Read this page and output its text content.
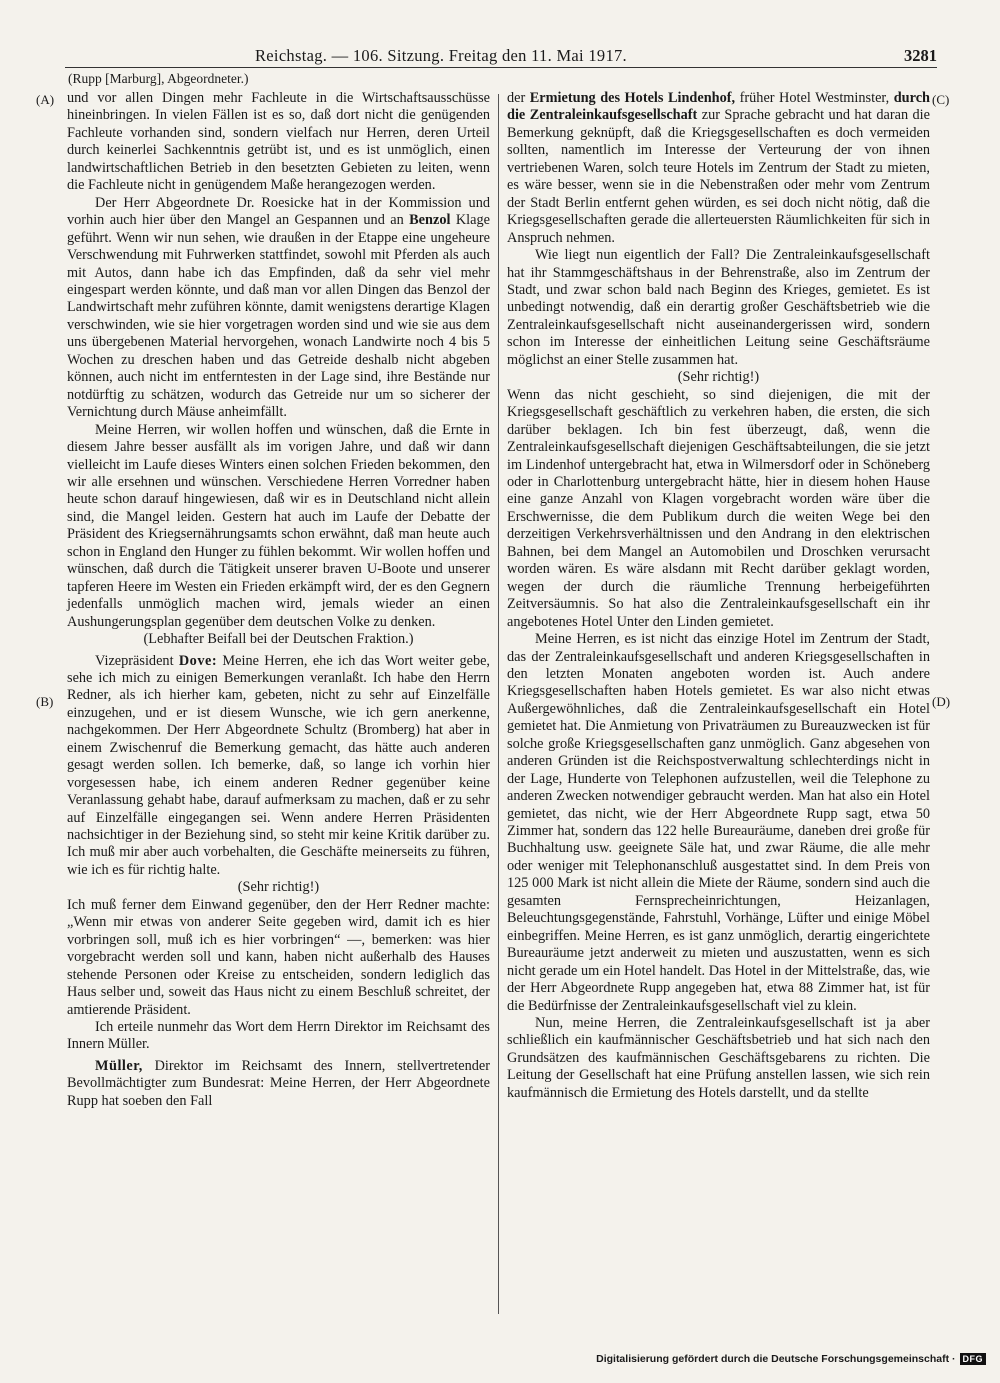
Reichstag. — 106. Sitzung. Freitag den 11. Mai 1917.	3281
(Rupp [Marburg], Abgeordneter.)
(A)
(B)
(C)
(D)

und vor allen Dingen mehr Fachleute in die Wirtschaftsausschüsse hineinbringen. In vielen Fällen ist es so, daß dort nicht die genügenden Fachleute vorhanden sind, sondern vielfach nur Herren, deren Urteil durch keinerlei Sachkenntnis getrübt ist, und es ist unmöglich, einen landwirtschaftlichen Betrieb in den besetzten Gebieten zu leiten, wenn die Fachleute nicht in genügendem Maße herangezogen werden.

Der Herr Abgeordnete Dr. Roesicke hat in der Kommission und vorhin auch hier über den Mangel an Gespannen und an Benzol Klage geführt. Wenn wir nun sehen, wie draußen in der Etappe eine ungeheure Verschwendung mit Fuhrwerken stattfindet, sowohl mit Pferden als auch mit Autos, dann habe ich das Empfinden, daß da sehr viel mehr eingespart werden könnte, und daß man vor allen Dingen das Benzol der Landwirtschaft mehr zuführen könnte, damit wenigstens derartige Klagen verschwinden, wie sie hier vorgetragen worden sind und wie sie aus dem uns übergebenen Material hervorgehen, wonach Landwirte noch 4 bis 5 Wochen zu dreschen haben und das Getreide deshalb nicht abgeben können, auch nicht im entferntesten in der Lage sind, ihre Bestände nur notdürftig zu schätzen, wodurch das Getreide nur um so sicherer der Vernichtung durch Mäuse anheimfällt.

Meine Herren, wir wollen hoffen und wünschen, daß die Ernte in diesem Jahre besser ausfällt als im vorigen Jahre, und daß wir dann vielleicht im Laufe dieses Winters einen solchen Frieden bekommen, den wir alle ersehnen und wünschen. Verschiedene Herren Vorredner haben heute schon darauf hingewiesen, daß wir es in Deutschland nicht allein sind, die Mangel leiden. Gestern hat auch im Laufe der Debatte der Präsident des Kriegsernährungsamts schon erwähnt, daß man heute auch schon in England den Hunger zu fühlen bekommt. Wir wollen hoffen und wünschen, daß durch die Tätigkeit unserer braven U-Boote und unserer tapferen Heere im Westen ein Frieden erkämpft wird, der es den Gegnern jedenfalls unmöglich machen wird, jemals wieder an einen Aushungerungsplan gegenüber dem deutschen Volke zu denken.

(Lebhafter Beifall bei der Deutschen Fraktion.)

Vizepräsident Dove: Meine Herren, ehe ich das Wort weiter gebe, sehe ich mich zu einigen Bemerkungen veranlaßt. Ich habe den Herrn Redner, als ich hierher kam, gebeten, nicht zu sehr auf Einzelfälle einzugehen, und er ist diesem Wunsche, wie ich gern anerkenne, nachgekommen. Der Herr Abgeordnete Schultz (Bromberg) hat aber in einem Zwischenruf die Bemerkung gemacht, das hätte auch anderen gesagt werden sollen. Ich bemerke, daß, so lange ich vorhin hier vorgesessen habe, ich einem anderen Redner gegenüber keine Veranlassung gehabt habe, darauf aufmerksam zu machen, daß er zu sehr auf Einzelfälle eingegangen sei. Wenn andere Herren Präsidenten nachsichtiger in der Beziehung sind, so steht mir keine Kritik darüber zu. Ich muß mir aber auch vorbehalten, die Geschäfte meinerseits zu führen, wie ich es für richtig halte.

(Sehr richtig!)

Ich muß ferner dem Einwand gegenüber, den der Herr Redner machte: „Wenn mir etwas von anderer Seite gegeben wird, damit ich es hier vorbringen soll, muß ich es hier vorbringen“ —, bemerken: was hier vorgebracht werden soll und kann, haben nicht außerhalb des Hauses stehende Personen oder Kreise zu entscheiden, sondern lediglich das Haus selber und, soweit das Haus nicht zu einem Beschluß schreitet, der amtierende Präsident.

Ich erteile nunmehr das Wort dem Herrn Direktor im Reichsamt des Innern Müller.

Müller, Direktor im Reichsamt des Innern, stellvertretender Bevollmächtigter zum Bundesrat: Meine Herren, der Herr Abgeordnete Rupp hat soeben den Fall

der Ermietung des Hotels Lindenhof, früher Hotel Westminster, durch die Zentraleinkaufsgesellschaft zur Sprache gebracht und hat daran die Bemerkung geknüpft, daß die Kriegsgesellschaften es doch vermeiden sollten, namentlich im Interesse der Verteurung der von ihnen vertriebenen Waren, solch teure Hotels im Zentrum der Stadt zu mieten, es wäre besser, wenn sie in die Nebenstraßen oder mehr vom Zentrum der Stadt Berlin entfernt gehen würden, es sei doch nicht nötig, daß die Kriegsgesellschaften gerade die allerteuersten Räumlichkeiten für sich in Anspruch nehmen.

Wie liegt nun eigentlich der Fall? Die Zentraleinkaufsgesellschaft hat ihr Stammgeschäftshaus in der Behrenstraße, also im Zentrum der Stadt, und zwar schon bald nach Beginn des Krieges, gemietet. Es ist unbedingt notwendig, daß ein derartig großer Geschäftsbetrieb wie die Zentraleinkaufsgesellschaft nicht auseinandergerissen wird, sondern schon im Interesse der einheitlichen Leitung seine Geschäftsräume möglichst an einer Stelle zusammen hat.

(Sehr richtig!)

Wenn das nicht geschieht, so sind diejenigen, die mit der Kriegsgesellschaft geschäftlich zu verkehren haben, die ersten, die sich darüber beklagen. Ich bin fest überzeugt, daß, wenn die Zentraleinkaufsgesellschaft diejenigen Geschäftsabteilungen, die sie jetzt im Lindenhof untergebracht hat, etwa in Wilmersdorf oder in Schöneberg oder in Charlottenburg untergebracht hätte, hier in diesem hohen Hause eine ganze Anzahl von Klagen vorgebracht worden wäre über die Erschwernisse, die dem Publikum durch die weiten Wege bei den derzeitigen Verkehrsverhältnissen und den Andrang in den elektrischen Bahnen, bei dem Mangel an Automobilen und Droschken verursacht worden wären. Es wäre alsdann mit Recht darüber geklagt worden, wegen der durch die räumliche Trennung herbeigeführten Zeitversäumnis. So hat also die Zentraleinkaufsgesellschaft ein ihr angebotenes Hotel Unter den Linden gemietet.

Meine Herren, es ist nicht das einzige Hotel im Zentrum der Stadt, das der Zentraleinkaufsgesellschaft und anderen Kriegsgesellschaften in den letzten Monaten angeboten worden ist. Auch andere Kriegsgesellschaften haben Hotels gemietet. Es war also nicht etwas Außergewöhnliches, daß die Zentraleinkaufsgesellschaft ein Hotel gemietet hat. Die Anmietung von Privaträumen zu Bureauzwecken ist für solche große Kriegsgesellschaften ganz unmöglich. Ganz abgesehen von anderen Gründen ist die Reichspostverwaltung schlechterdings nicht in der Lage, Hunderte von Telephonen aufzustellen, weil die Telephone zu anderen Zwecken notwendiger gebraucht werden. Man hat also ein Hotel gemietet, das nicht, wie der Herr Abgeordnete Rupp sagt, etwa 50 Zimmer hat, sondern das 122 helle Bureauräume, daneben drei große für Buchhaltung usw. geeignete Säle hat, und zwar Räume, die alle mehr oder weniger mit Telephonanschluß ausgestattet sind. In dem Preis von 125 000 Mark ist nicht allein die Miete der Räume, sondern sind auch die gesamten Fernsprecheinrichtungen, Heizanlagen, Beleuchtungsgegenstände, Fahrstuhl, Vorhänge, Lüfter und einige Möbel einbegriffen. Meine Herren, es ist ganz unmöglich, derartig eingerichtete Bureauräume jetzt anderweit zu mieten und auszustatten, wenn es sich nicht gerade um ein Hotel handelt. Das Hotel in der Mittelstraße, das, wie der Herr Abgeordnete Rupp angegeben hat, etwa 88 Zimmer hat, ist für die Bedürfnisse der Zentraleinkaufsgesellschaft viel zu klein.

Nun, meine Herren, die Zentraleinkaufsgesellschaft ist ja aber schließlich ein kaufmännischer Geschäftsbetrieb und hat sich nach den Grundsätzen des kaufmännischen Geschäftsgebarens zu richten. Die Leitung der Gesellschaft hat eine Prüfung anstellen lassen, wie sich rein kaufmännisch die Ermietung des Hotels darstellt, und da stellte

Digitalisierung gefördert durch die Deutsche Forschungsgemeinschaft · DFG
